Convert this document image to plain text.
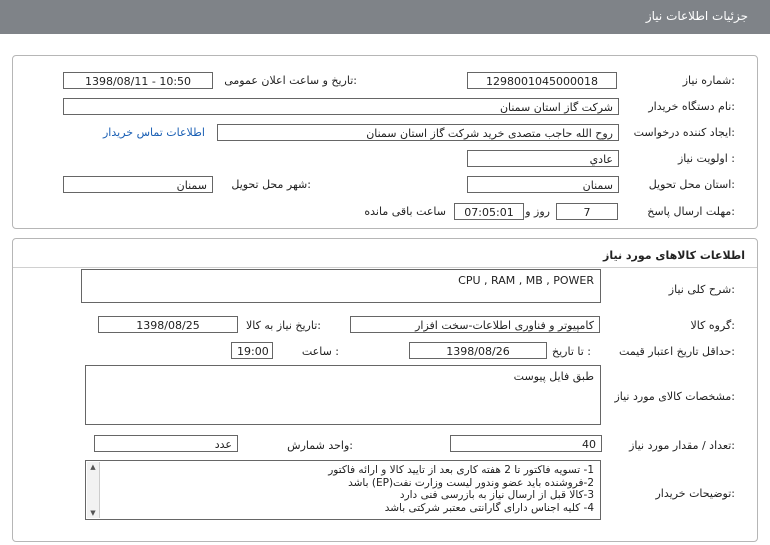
جزئیات اطلاعات نیاز
شماره نیاز:
1298001045000018
تاریخ و ساعت اعلان عمومی:
1398/08/11 - 10:50
نام دستگاه خریدار:
شرکت گاز استان سمنان
ایجاد کننده درخواست:
روح الله حاجب متصدی خرید شرکت گاز استان سمنان
اطلاعات تماس خریدار
اولویت نیاز :
عادي
استان محل تحویل:
سمنان
شهر محل تحویل:
سمنان
مهلت ارسال پاسخ:
7
روز و
07:05:01
ساعت باقی مانده
اطلاعات کالاهای مورد نیاز
شرح کلی نیاز:
CPU , RAM , MB , POWER
گروه کالا:
کامپیوتر و فناوری اطلاعات-سخت افزار
تاریخ نیاز به کالا:
1398/08/25
حداقل تاریخ اعتبار قیمت:
تا تاریخ :
1398/08/26
ساعت :
19:00
مشخصات کالای مورد نیاز:
طبق فایل پیوست
تعداد / مقدار مورد نیاز:
40
واحد شمارش:
عدد
توضیحات خریدار:
1- تسویه فاکتور تا 2 هفته کاری بعد از تایید کالا و ارائه فاکتور
2-فروشنده باید عضو وندور لیست وزارت نفت(EP) باشد
3-کالا قبل از ارسال نیاز به بازرسی فنی دارد
4- کلیه اجناس دارای گارانتی معتبر شرکتی باشد
▲
▼
